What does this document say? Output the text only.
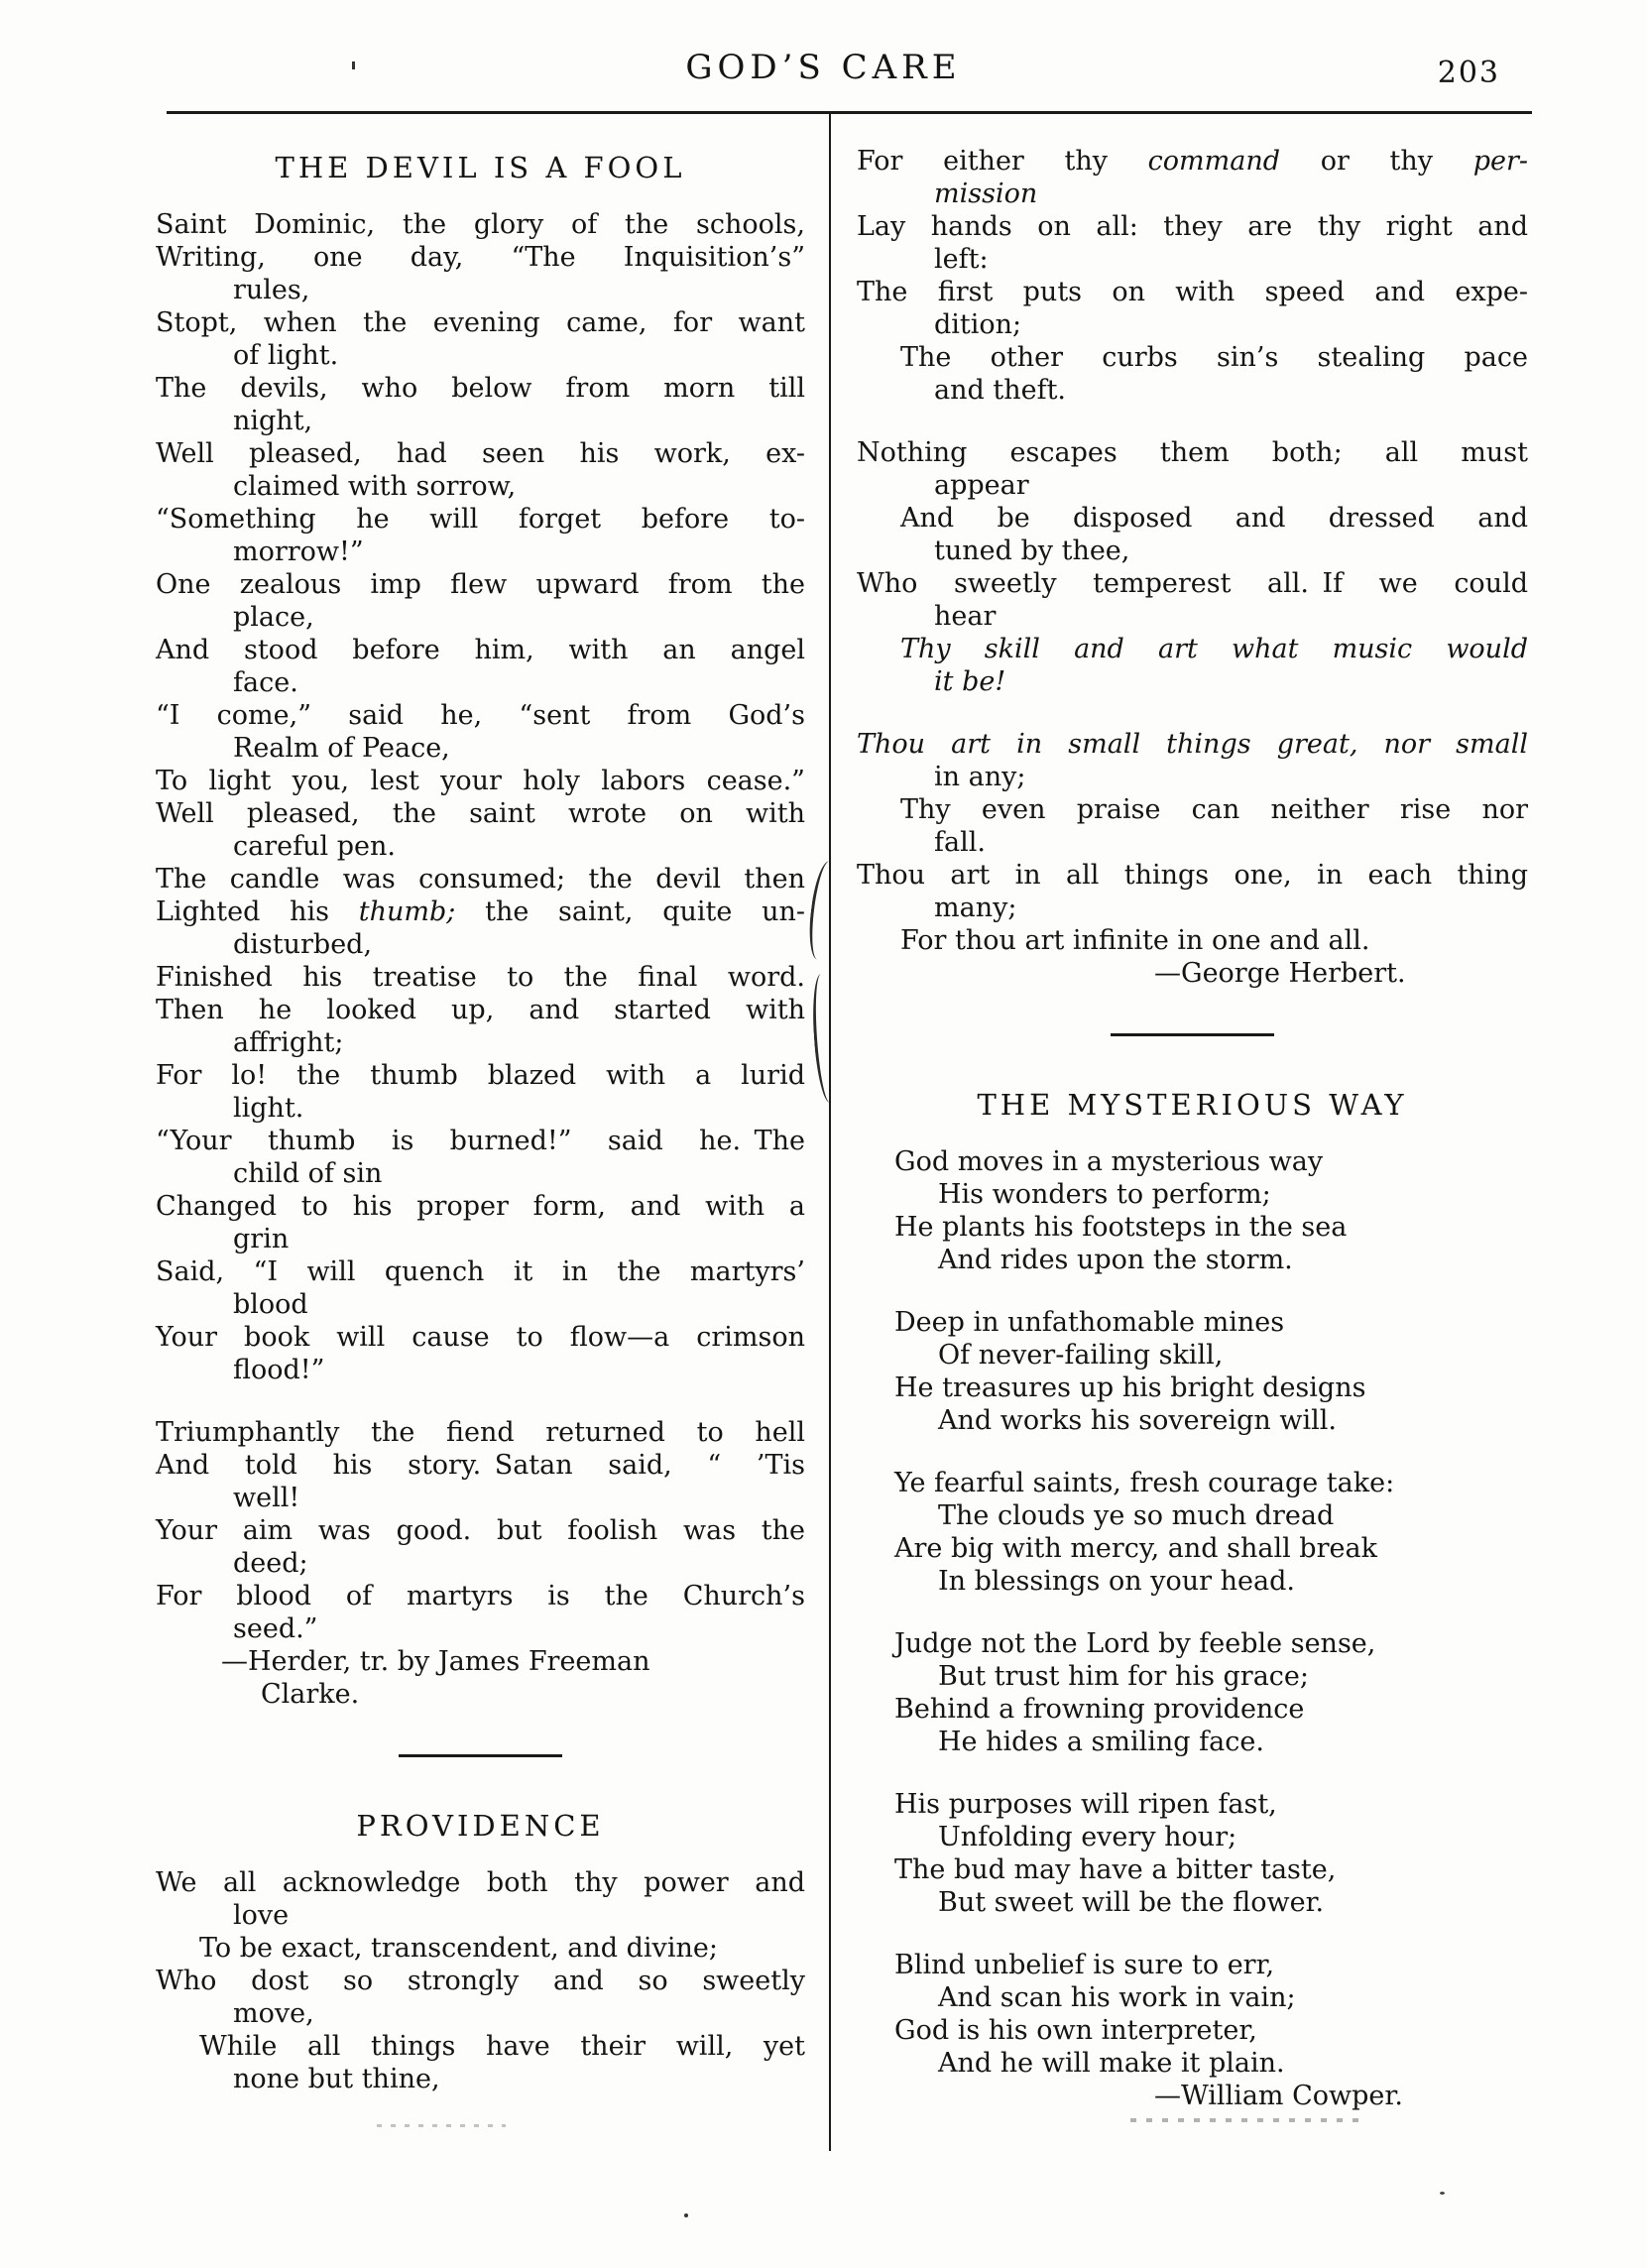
GOD’S CARE	203
THE DEVIL IS A FOOL
Saint Dominic, the glory of the schools,
Writing, one day, “The Inquisition’s”
rules,
Stopt, when the evening came, for want
of light.
The devils, who below from morn till
night,
Well pleased, had seen his work, ex-
claimed with sorrow,
“Something he will forget before to-
morrow!”
One zealous imp flew upward from the
place,
And stood before him, with an angel
face.
“I come,” said he, “sent from God’s
Realm of Peace,
To light you, lest your holy labors cease.”
Well pleased, the saint wrote on with
careful pen.
The candle was consumed; the devil then
Lighted his thumb; the saint, quite un-
disturbed,
Finished his treatise to the final word.
Then he looked up, and started with
affright;
For lo! the thumb blazed with a lurid
light.
“Your thumb is burned!” said he. The
child of sin
Changed to his proper form, and with a
grin
Said, “I will quench it in the martyrs’
blood
Your book will cause to flow—a crimson
flood!”
Triumphantly the fiend returned to hell
And told his story. Satan said, “ ’Tis
well!
Your aim was good. but foolish was the
deed;
For blood of martyrs is the Church’s
seed.”
—Herder, tr. by James Freeman
Clarke.
PROVIDENCE
We all acknowledge both thy power and
love
To be exact, transcendent, and divine;
Who dost so strongly and so sweetly
move,
While all things have their will, yet
none but thine,
For either thy command or thy per-
mission
Lay hands on all: they are thy right and
left:
The first puts on with speed and expe-
dition;
The other curbs sin’s stealing pace
and theft.
Nothing escapes them both; all must
appear
And be disposed and dressed and
tuned by thee,
Who sweetly temperest all. If we could
hear
Thy skill and art what music would
it be!
Thou art in small things great, nor small
in any;
Thy even praise can neither rise nor
fall.
Thou art in all things one, in each thing
many;
For thou art infinite in one and all.
—George Herbert.
THE MYSTERIOUS WAY
God moves in a mysterious way
His wonders to perform;
He plants his footsteps in the sea
And rides upon the storm.
Deep in unfathomable mines
Of never-failing skill,
He treasures up his bright designs
And works his sovereign will.
Ye fearful saints, fresh courage take:
The clouds ye so much dread
Are big with mercy, and shall break
In blessings on your head.
Judge not the Lord by feeble sense,
But trust him for his grace;
Behind a frowning providence
He hides a smiling face.
His purposes will ripen fast,
Unfolding every hour;
The bud may have a bitter taste,
But sweet will be the flower.
Blind unbelief is sure to err,
And scan his work in vain;
God is his own interpreter,
And he will make it plain.
—William Cowper.
